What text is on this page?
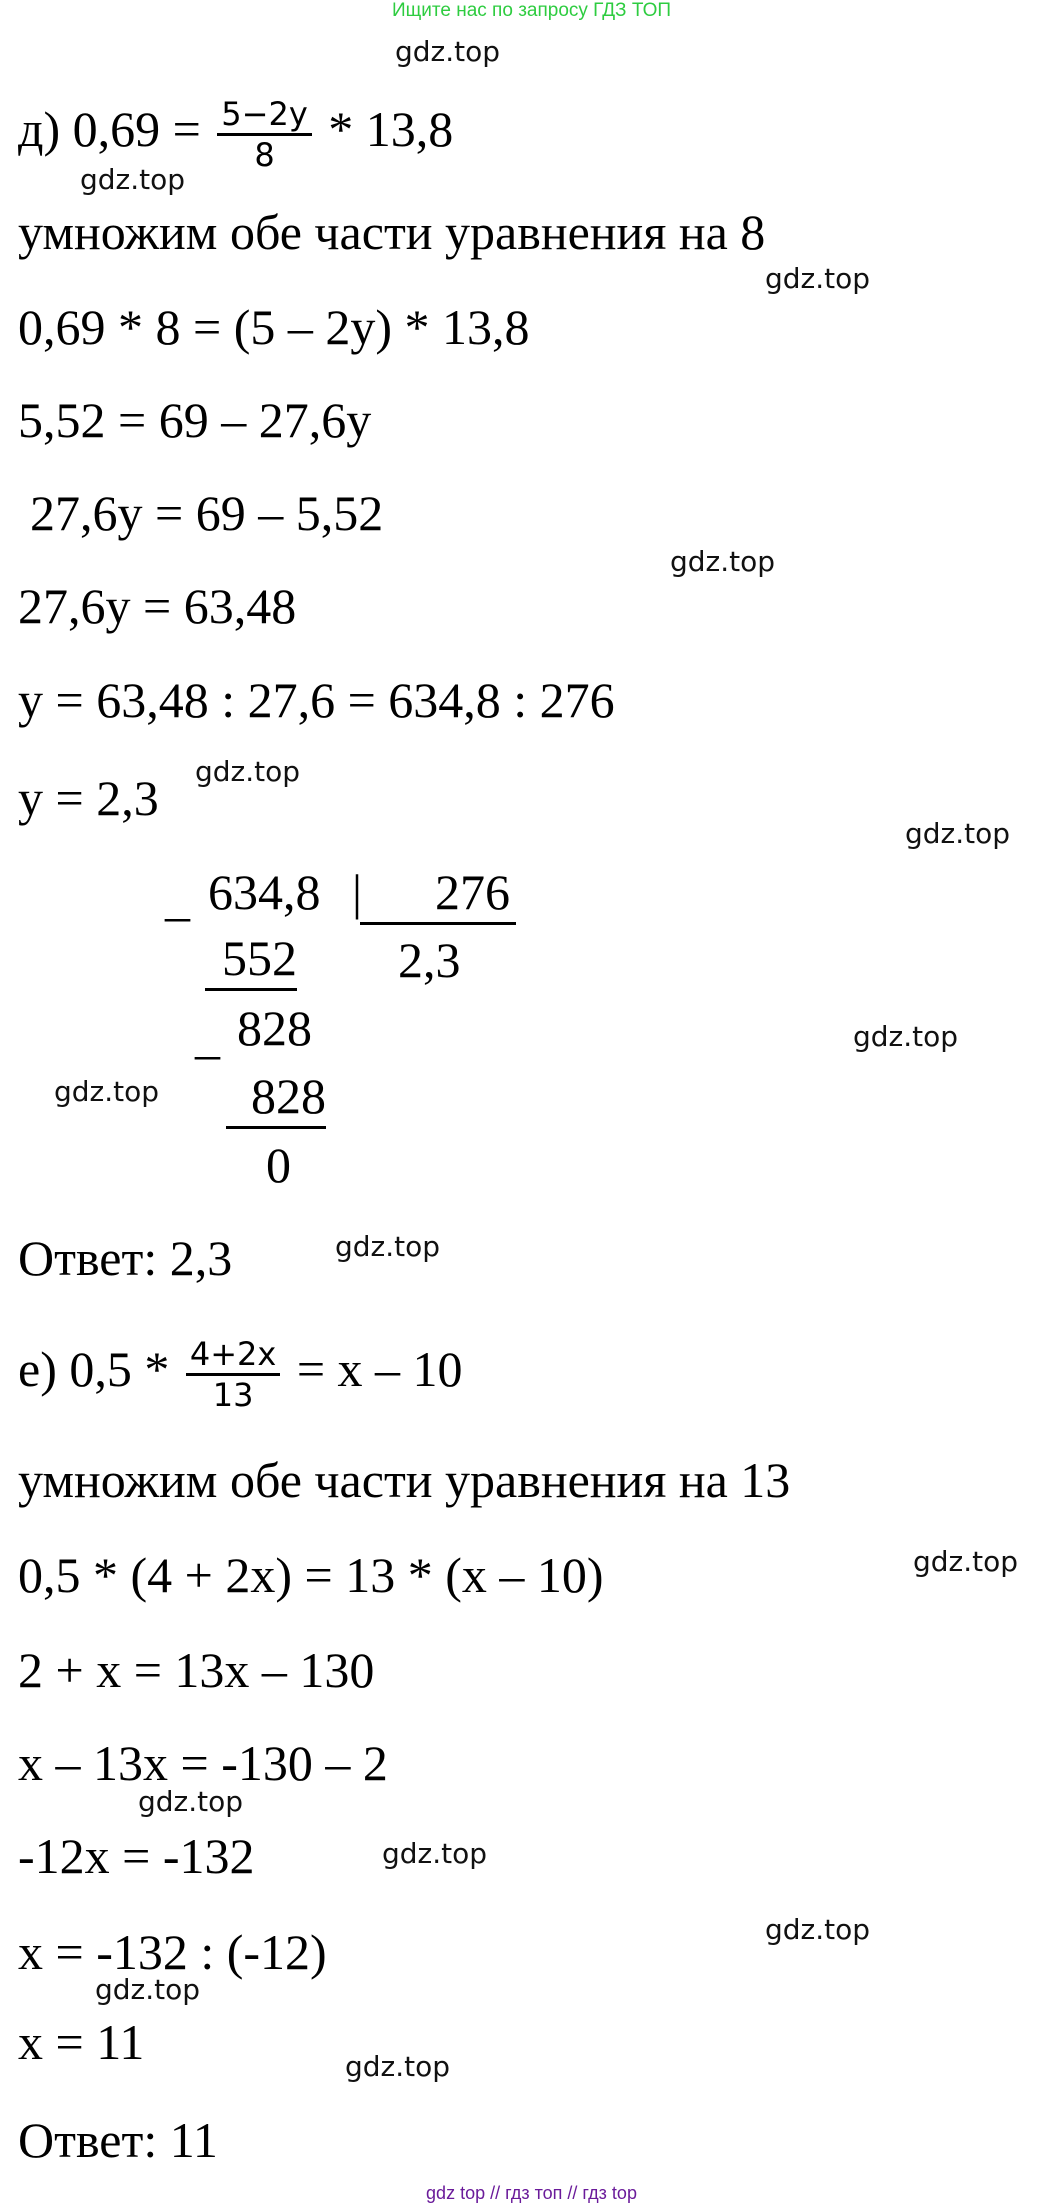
Ищите нас по запросу ГДЗ ТОП
д) $0,69 = \frac{5-2y}{8} * 13,8$
умножим обе части уравнения на 8
0,69 * 8 = (5 – 2y) * 13,8
5,52 = 69 – 27,6y
27,6y = 69 – 5,52
27,6y = 63,48
y = 63,48 : 27,6 = 634,8 : 276
y = 2,3
_ 634,8 |	276
552 2,3
_ 828
828
0
Ответ: 2,3
е) $0,5 * \frac{4+2x}{13} = x - 10$
умножим обе части уравнения на 13
0,5 * (4 + 2x) = 13 * (x – 10)
2 + x = 13x – 130
x – 13x = -130 – 2
-12x = -132
x = -132 : (-12)
x = 11
Ответ: 11
gdz.top
gdz.top
gdz.top
gdz.top
gdz.top
gdz.top
gdz.top
gdz.top
gdz.top
gdz.top
gdz.top
gdz.top
gdz.top
gdz.top
gdz.top
gdz top // гдз топ // гдз top
